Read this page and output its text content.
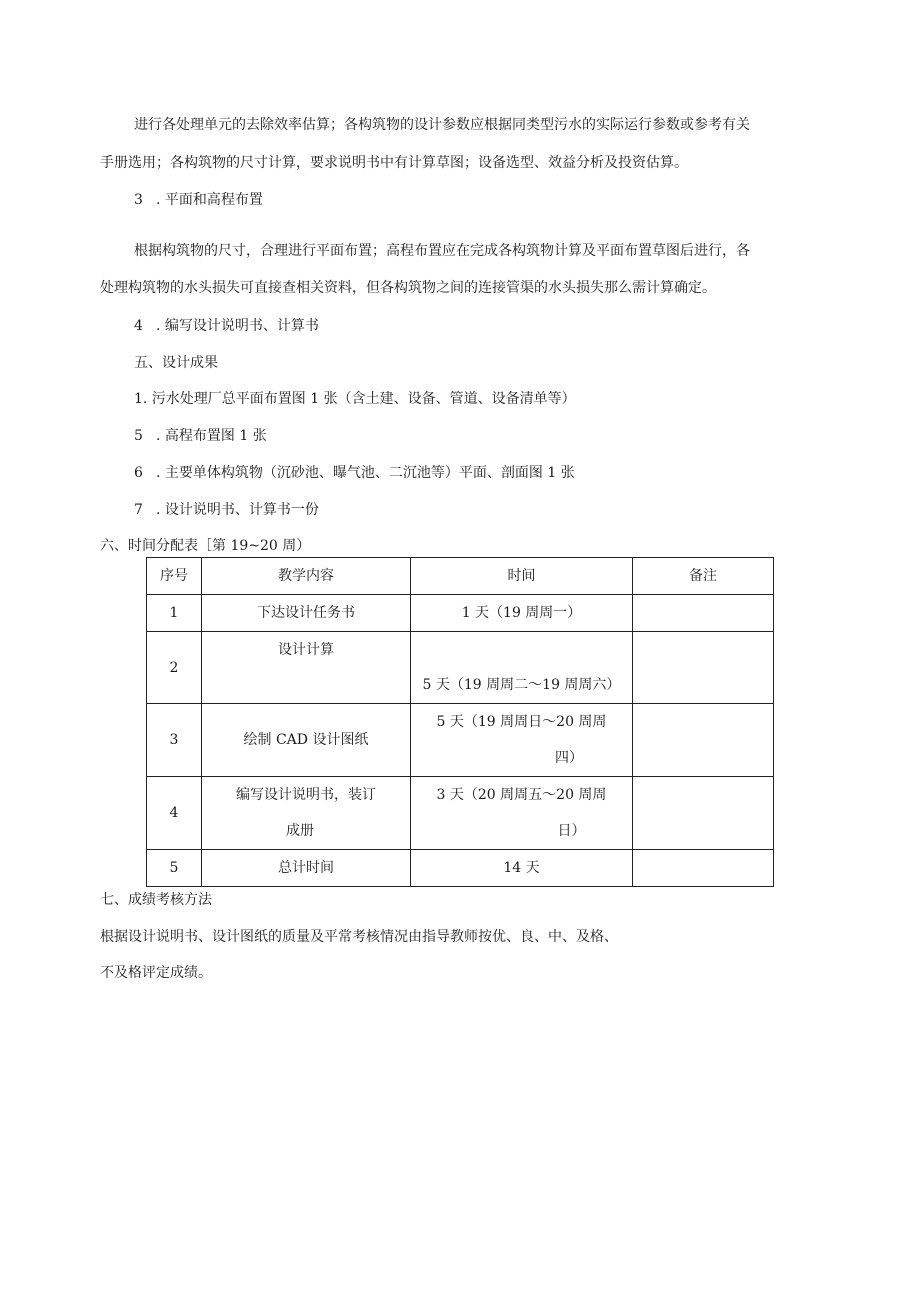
进行各处理单元的去除效率估算；各构筑物的设计参数应根据同类型污水的实际运行参数或参考有关
手册选用；各构筑物的尺寸计算，要求说明书中有计算草图；设备选型、效益分析及投资估算。
3 . 平面和高程布置
根据构筑物的尺寸，合理进行平面布置；高程布置应在完成各构筑物计算及平面布置草图后进行，各
处理构筑物的水头损失可直接查相关资料，但各构筑物之间的连接管渠的水头损失那么需计算确定。
4 . 编写设计说明书、计算书
五、设计成果
1. 污水处理厂总平面布置图 1 张（含土建、设备、管道、设备清单等）
5 . 高程布置图 1 张
6 . 主要单体构筑物（沉砂池、曝气池、二沉池等）平面、剖面图 1 张
7 . 设计说明书、计算书一份
六、时间分配表［第 19~20 周）
序号	教学内容	时间	备注
1	下达设计任务书	1 天（19 周周一）	
2	设计计算	5 天（19 周周二～19 周周六）	

3	绘制 CAD 设计图纸	5 天（19 周周日～20 周周
四）	

4	编写设计说明书，装订
成册	3 天（20 周周五～20 周周
日）	

5	总计时间	14 天	
七、成绩考核方法
根据设计说明书、设计图纸的质量及平常考核情况由指导教师按优、良、中、及格、
不及格评定成绩。
